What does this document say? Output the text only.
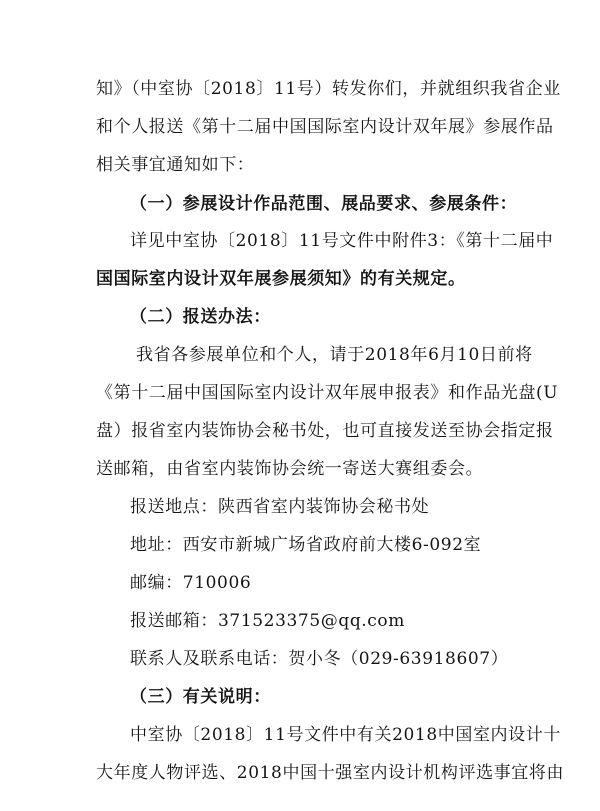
知》（中室协〔2018〕11号）转发你们，并就组织我省企业
和个人报送《第十二届中国国际室内设计双年展》参展作品
相关事宜通知如下：
（一）参展设计作品范围、展品要求、参展条件：
详见中室协〔2018〕11号文件中附件3：《第十二届中
国国际室内设计双年展参展须知》的有关规定。
（二）报送办法：
我省各参展单位和个人，请于2018年6月10日前将
《第十二届中国国际室内设计双年展申报表》和作品光盘(U
盘）报省室内装饰协会秘书处，也可直接发送至协会指定报
送邮箱，由省室内装饰协会统一寄送大赛组委会。
报送地点：陕西省室内装饰协会秘书处
地址：西安市新城广场省政府前大楼6-092室
邮编：710006
报送邮箱：371523375@qq.com
联系人及联系电话：贺小冬（029-63918607）
（三）有关说明：
中室协〔2018〕11号文件中有关2018中国室内设计十
大年度人物评选、2018中国十强室内设计机构评选事宜将由
